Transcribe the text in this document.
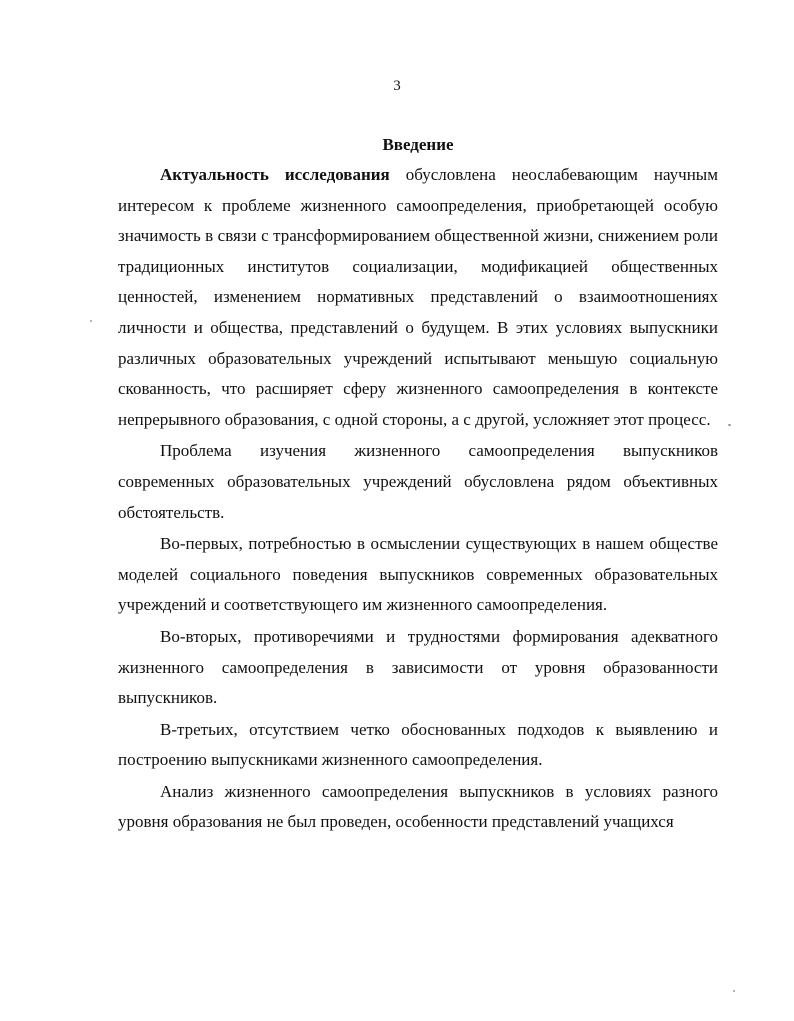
3
Введение

Актуальность исследования обусловлена неослабевающим научным интересом к проблеме жизненного самоопределения, приобретающей особую значимость в связи с трансформированием общественной жизни, снижением роли традиционных институтов социализации, модификацией общественных ценностей, изменением нормативных представлений о взаимоотношениях личности и общества, представлений о будущем. В этих условиях выпускники различных образовательных учреждений испытывают меньшую социальную скованность, что расширяет сферу жизненного самоопределения в контексте непрерывного образования, с одной стороны, а с другой, усложняет этот процесс.

Проблема изучения жизненного самоопределения выпускников современных образовательных учреждений обусловлена рядом объективных обстоятельств.

Во-первых, потребностью в осмыслении существующих в нашем обществе моделей социального поведения выпускников современных образовательных учреждений и соответствующего им жизненного самоопределения.

Во-вторых, противоречиями и трудностями формирования адекватного жизненного самоопределения в зависимости от уровня образованности выпускников.

В-третьих, отсутствием четко обоснованных подходов к выявлению и построению выпускниками жизненного самоопределения.

Анализ жизненного самоопределения выпускников в условиях разного уровня образования не был проведен, особенности представлений учащихся
